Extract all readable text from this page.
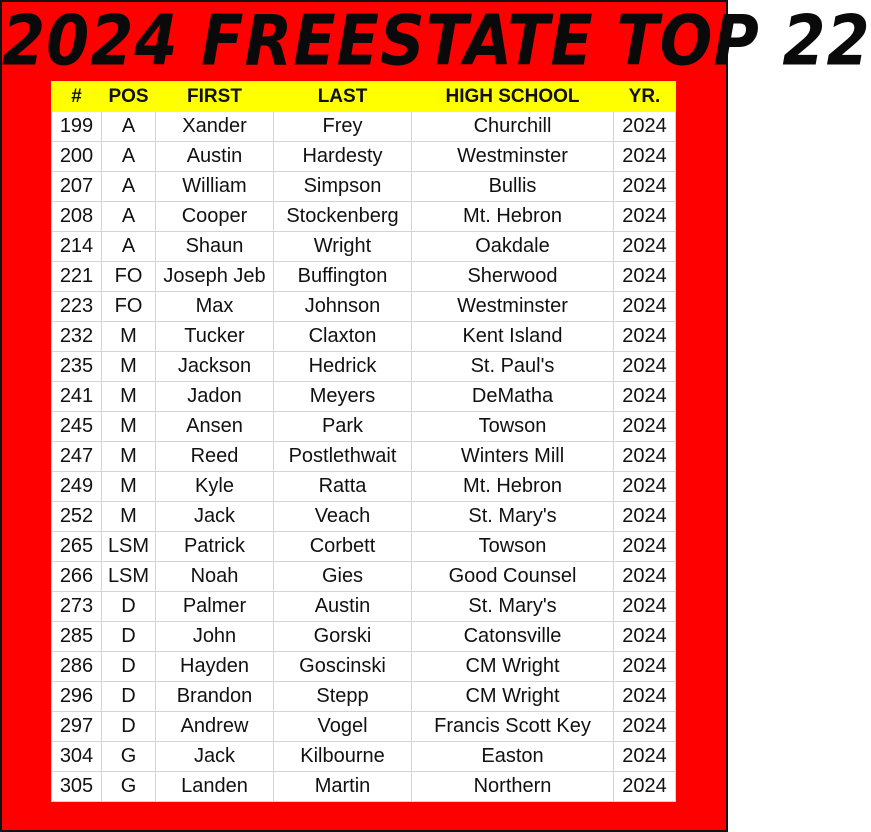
2024 FREESTATE TOP 22
#	POS	FIRST	LAST	HIGH SCHOOL	YR.
199	A	Xander	Frey	Churchill	2024
200	A	Austin	Hardesty	Westminster	2024
207	A	William	Simpson	Bullis	2024
208	A	Cooper	Stockenberg	Mt. Hebron	2024
214	A	Shaun	Wright	Oakdale	2024
221	FO	Joseph Jeb	Buffington	Sherwood	2024
223	FO	Max	Johnson	Westminster	2024
232	M	Tucker	Claxton	Kent Island	2024
235	M	Jackson	Hedrick	St. Paul's	2024
241	M	Jadon	Meyers	DeMatha	2024
245	M	Ansen	Park	Towson	2024
247	M	Reed	Postlethwait	Winters Mill	2024
249	M	Kyle	Ratta	Mt. Hebron	2024
252	M	Jack	Veach	St. Mary's	2024
265	LSM	Patrick	Corbett	Towson	2024
266	LSM	Noah	Gies	Good Counsel	2024
273	D	Palmer	Austin	St. Mary's	2024
285	D	John	Gorski	Catonsville	2024
286	D	Hayden	Goscinski	CM Wright	2024
296	D	Brandon	Stepp	CM Wright	2024
297	D	Andrew	Vogel	Francis Scott Key	2024
304	G	Jack	Kilbourne	Easton	2024
305	G	Landen	Martin	Northern	2024
